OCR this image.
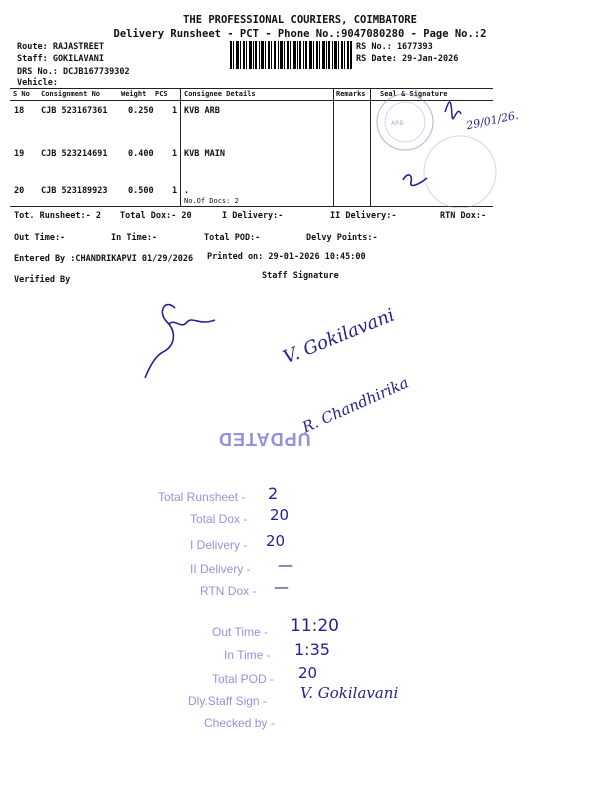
THE PROFESSIONAL COURIERS, COIMBATORE
Delivery Runsheet - PCT - Phone No.:9047080280 - Page No.:2
Route: RAJASTREET
Staff: GOKILAVANI
DRS No.: DCJB167739302
Vehicle:
RS No.: 1677393
RS Date: 29-Jan-2026
S No Consignment No	Weight PCS Consignee Details	Remarks Seal & Signature
18 CJB 523167361 0.250 1 KVB ARB
19 CJB 523214691 0.400 1 KVB MAIN
20 CJB 523189923 0.500 1 .
No.Of Docs: 2
ARB	29/01/26.
Tot. Runsheet:- 2 Total Dox:- 20	I Delivery:-	II Delivery:-	RTN Dox:-
Out Time:-	In Time:-	Total POD:-	Delvy Points:-
Entered By :CHANDRIKAPVI 01/29/2026 Printed on: 29-01-2026 10:45:00
Verified By	Staff Signature
V. Gokilavani
R. Chandhirika
UPDATED
Total Runsheet - 2
Total Dox - 20
I Delivery - 20
II Delivery - —
RTN Dox - —
Out Time - 11:20
In Time - 1:35
Total POD - 20
Dly.Staff Sign - V. Gokilavani
Checked by -
